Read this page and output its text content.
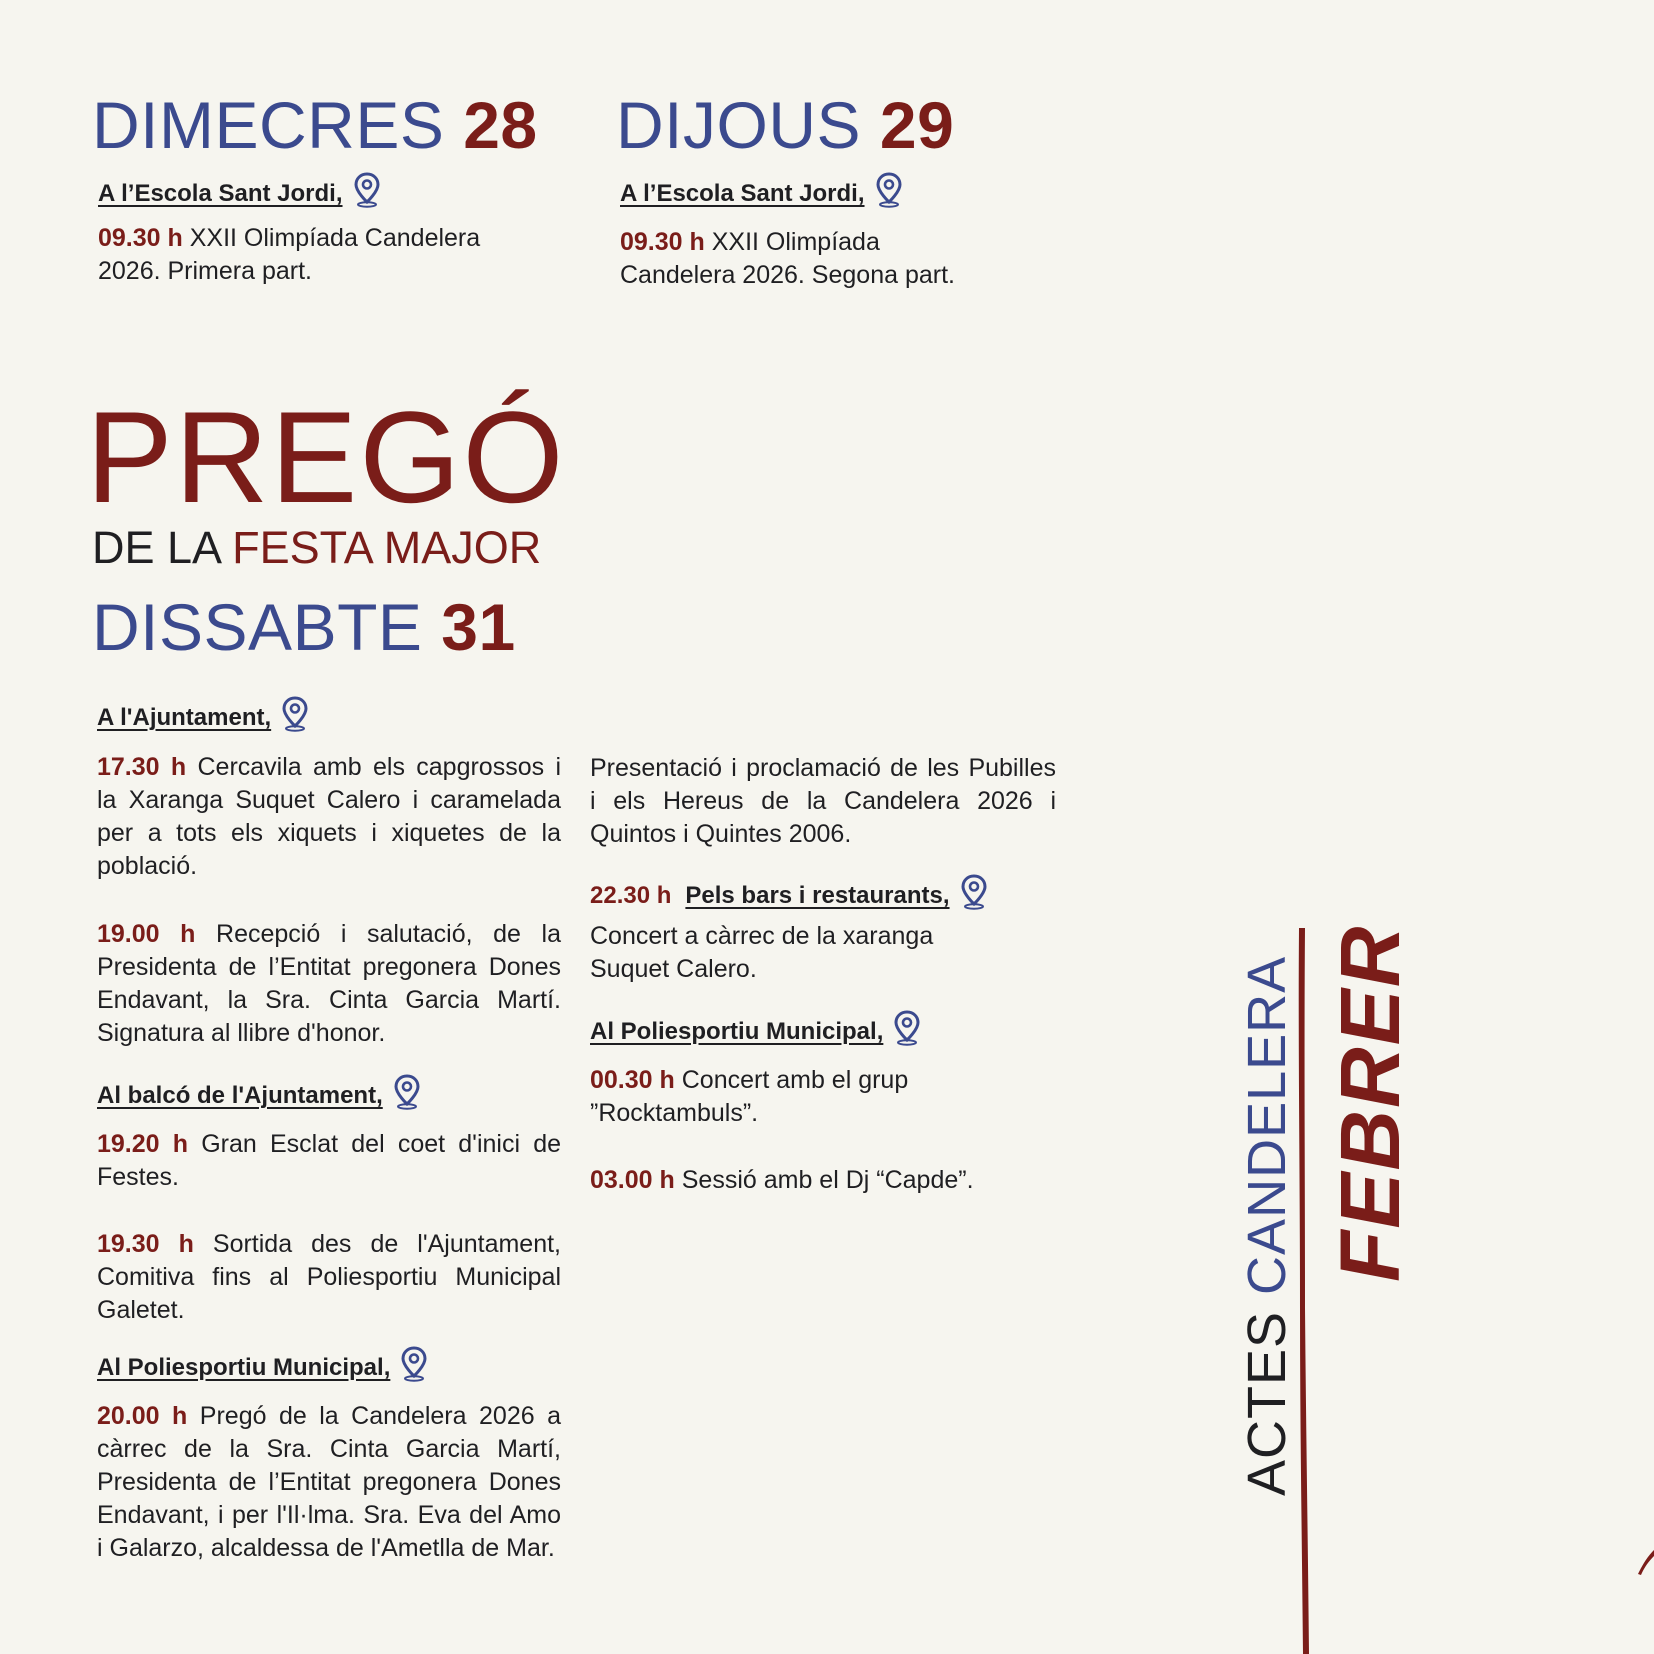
DIMECRES 28
A l’Escola Sant Jordi,
09.30 h XXII Olimpíada Candelera 2026. Primera part.
DIJOUS 29
A l’Escola Sant Jordi,
09.30 h XXII Olimpíada Candelera 2026. Segona part.
PREGÓ
DE LA FESTA MAJOR
DISSABTE 31
A l'Ajuntament,
17.30 h Cercavila amb els capgrossos i la Xaranga Suquet Calero i caramelada per a tots els xiquets i xiquetes de la població.
19.00 h Recepció i salutació, de la Presidenta de l’Entitat pregonera Dones Endavant, la Sra. Cinta Garcia Martí. Signatura al llibre d'honor.
Al balcó de l'Ajuntament,
19.20 h Gran Esclat del coet d'inici de Festes.
19.30 h Sortida des de l'Ajuntament, Comitiva fins al Poliesportiu Municipal Galetet.
Al Poliesportiu Municipal,
20.00 h Pregó de la Candelera 2026 a càrrec de la Sra. Cinta Garcia Martí, Presidenta de l’Entitat pregonera Dones Endavant, i per l'Il·lma. Sra. Eva del Amo i Galarzo, alcaldessa de l'Ametlla de Mar.
Presentació i proclamació de les Pubilles i els Hereus de la Candelera 2026 i Quintos i Quintes 2006.
22.30 h Pels bars i restaurants,
Concert a càrrec de la xaranga Suquet Calero.
Al Poliesportiu Municipal,
00.30 h Concert amb el grup ”Rocktambuls”.
03.00 h Sessió amb el Dj “Capde”.
ACTES CANDELERA FEBRER
